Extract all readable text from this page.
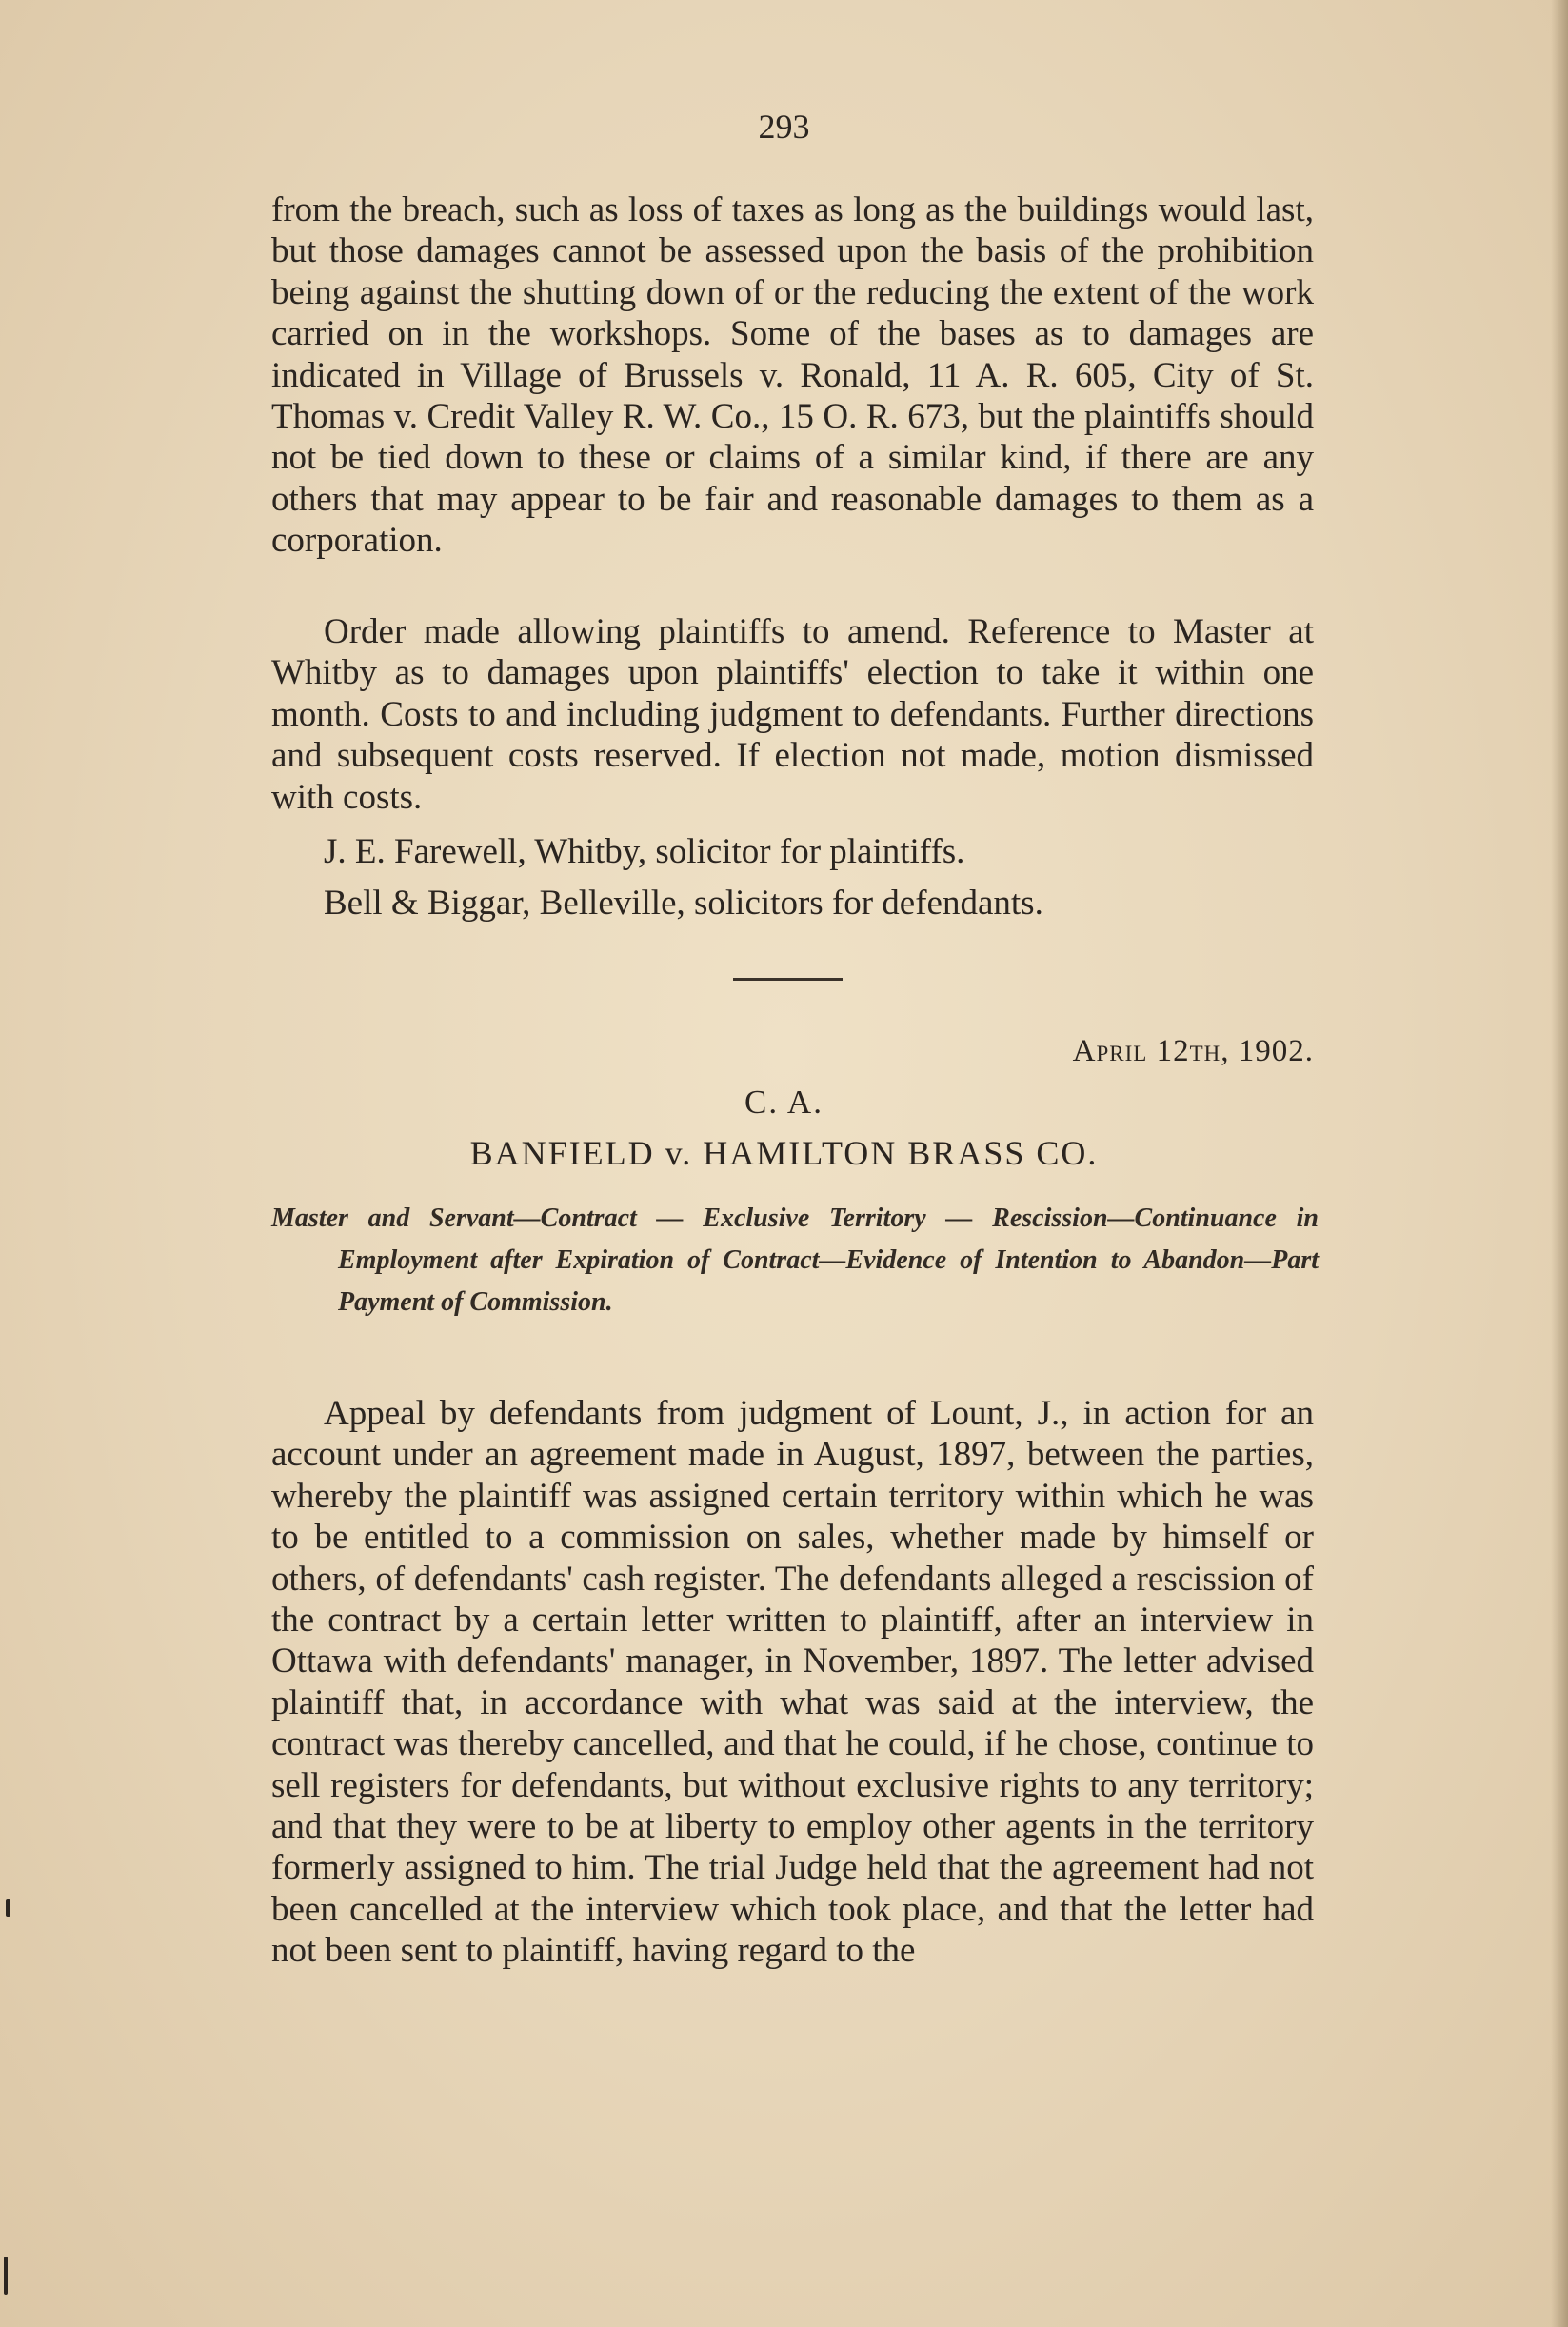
293

from the breach, such as loss of taxes as long as the buildings would last, but those damages cannot be assessed upon the basis of the prohibition being against the shutting down of or the reducing the extent of the work carried on in the workshops. Some of the bases as to damages are indicated in Village of Brussels v. Ronald, 11 A. R. 605, City of St. Thomas v. Credit Valley R. W. Co., 15 O. R. 673, but the plaintiffs should not be tied down to these or claims of a similar kind, if there are any others that may appear to be fair and reasonable damages to them as a corporation.

Order made allowing plaintiffs to amend. Reference to Master at Whitby as to damages upon plaintiffs' election to take it within one month. Costs to and including judgment to defendants. Further directions and subsequent costs reserved. If election not made, motion dismissed with costs.

J. E. Farewell, Whitby, solicitor for plaintiffs.

Bell & Biggar, Belleville, solicitors for defendants.

April 12th, 1902.
C. A.
BANFIELD v. HAMILTON BRASS CO.
Master and Servant—Contract — Exclusive Territory — Rescission—Continuance in Employment after Expiration of Contract—Evidence of Intention to Abandon—Part Payment of Commission.

Appeal by defendants from judgment of Lount, J., in action for an account under an agreement made in August, 1897, between the parties, whereby the plaintiff was assigned certain territory within which he was to be entitled to a commission on sales, whether made by himself or others, of defendants' cash register. The defendants alleged a rescission of the contract by a certain letter written to plaintiff, after an interview in Ottawa with defendants' manager, in November, 1897. The letter advised plaintiff that, in accordance with what was said at the interview, the contract was thereby cancelled, and that he could, if he chose, continue to sell registers for defendants, but without exclusive rights to any territory; and that they were to be at liberty to employ other agents in the territory formerly assigned to him. The trial Judge held that the agreement had not been cancelled at the interview which took place, and that the letter had not been sent to plaintiff, having regard to the
